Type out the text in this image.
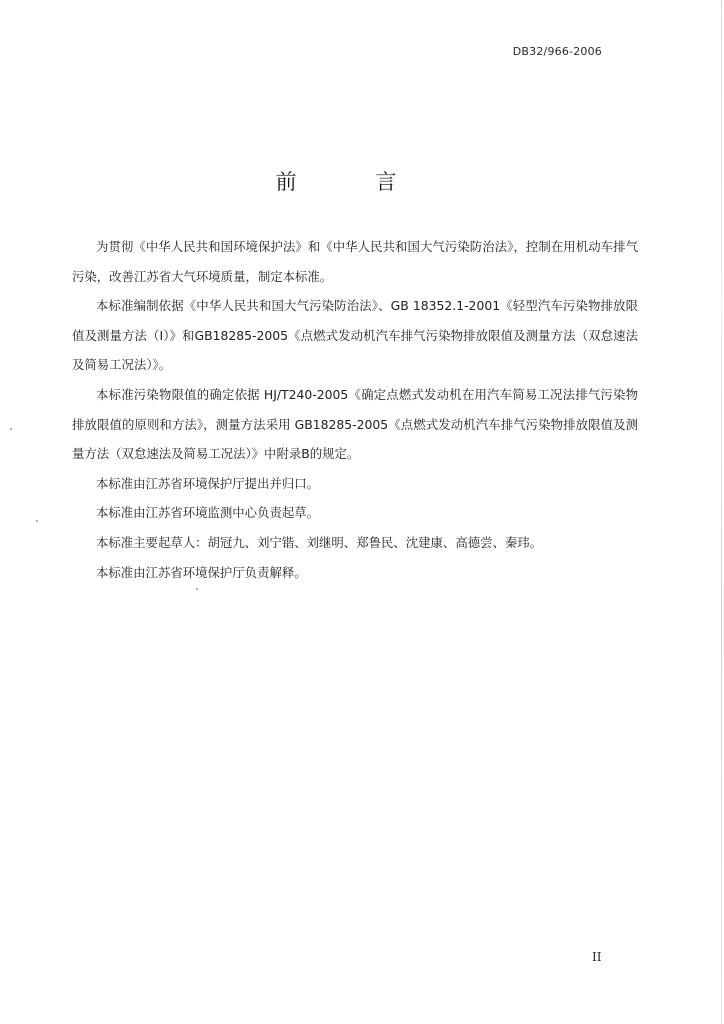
DB32/966-2006
前 言

为贯彻《中华人民共和国环境保护法》和《中华人民共和国大气污染防治法》，控制在用机动车排气污染，改善江苏省大气环境质量，制定本标准。

本标准编制依据《中华人民共和国大气污染防治法》、GB 18352.1-2001《轻型汽车污染物排放限值及测量方法（Ⅰ）》和GB18285-2005《点燃式发动机汽车排气污染物排放限值及测量方法（双怠速法及简易工况法）》。

本标准污染物限值的确定依据 HJ/T240-2005《确定点燃式发动机在用汽车简易工况法排气污染物排放限值的原则和方法》，测量方法采用 GB18285-2005《点燃式发动机汽车排气污染物排放限值及测量方法（双怠速法及简易工况法）》中附录B的规定。

本标准由江苏省环境保护厅提出并归口。

本标准由江苏省环境监测中心负责起草。

本标准主要起草人：胡冠九、刘宁锴、刘继明、郑鲁民、沈建康、高德尝、秦玮。

本标准由江苏省环境保护厅负责解释。

II
